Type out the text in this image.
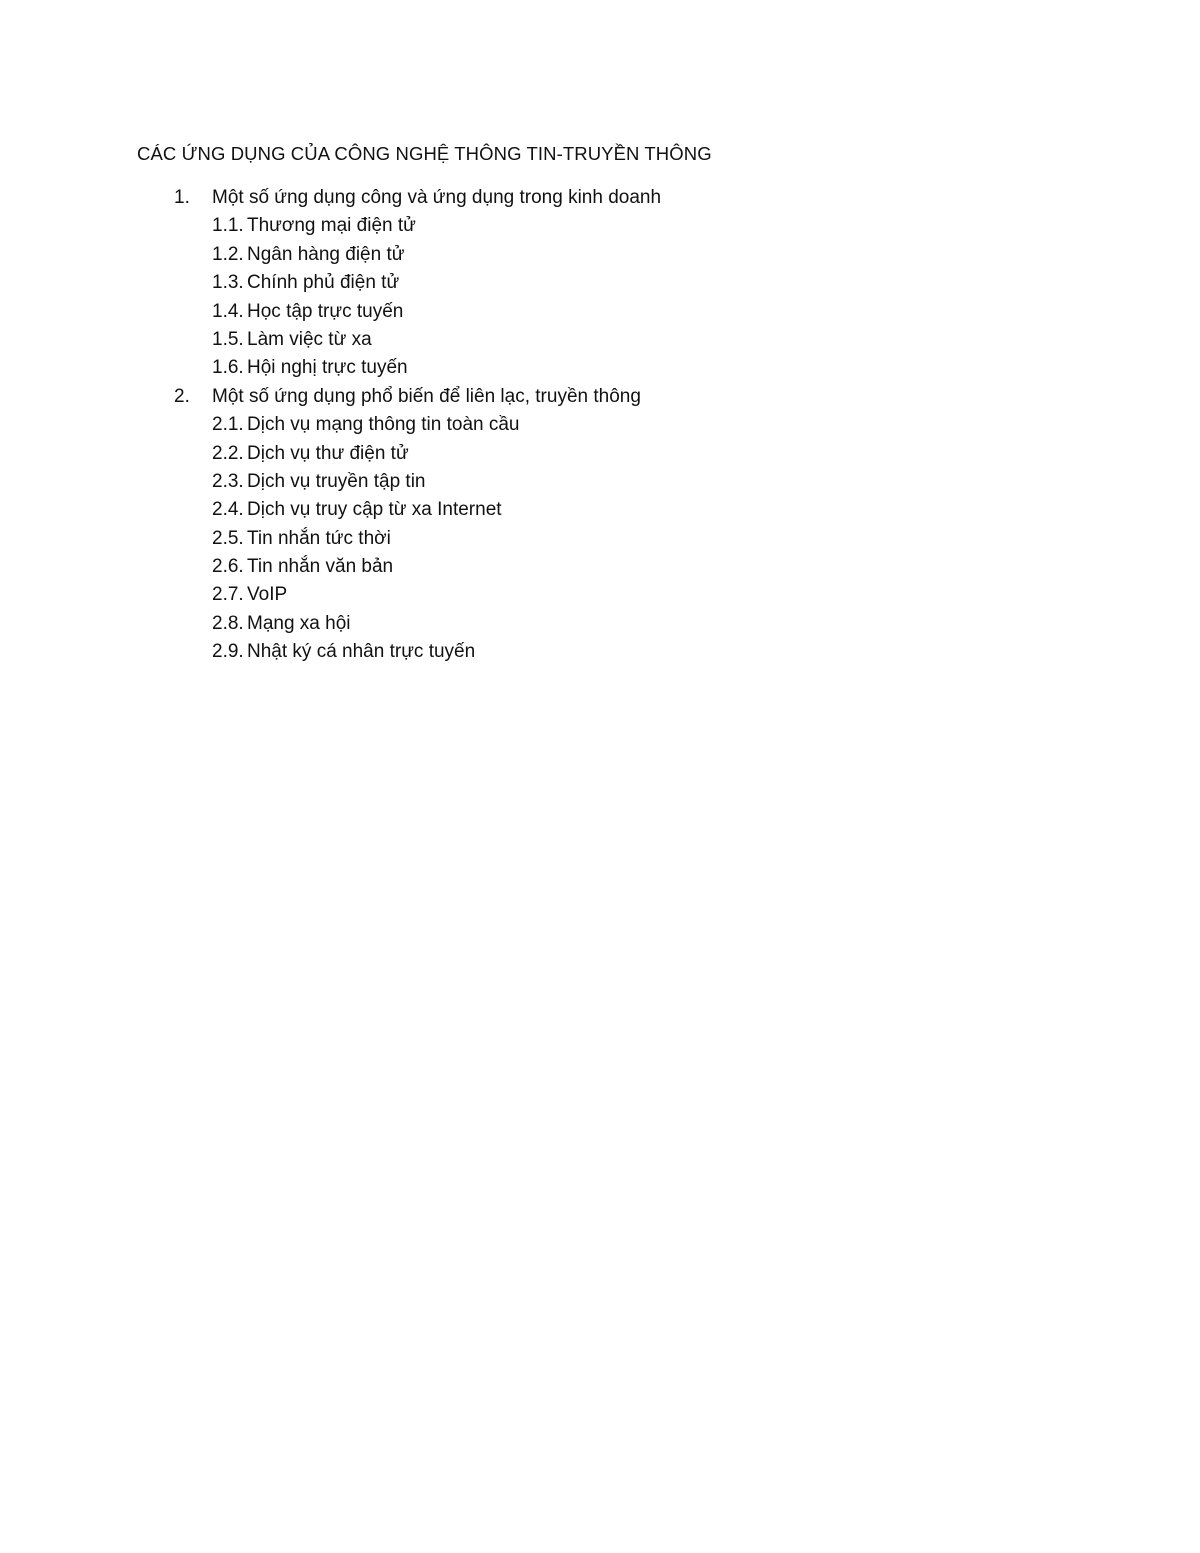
CÁC ỨNG DỤNG CỦA CÔNG NGHỆ THÔNG TIN-TRUYỀN THÔNG
1. Một số ứng dụng công và ứng dụng trong kinh doanh
1.1. Thương mại điện tử
1.2. Ngân hàng điện tử
1.3. Chính phủ điện tử
1.4. Học tập trực tuyến
1.5. Làm việc từ xa
1.6. Hội nghị trực tuyến
2. Một số ứng dụng phổ biến để liên lạc, truyền thông
2.1. Dịch vụ mạng thông tin toàn cầu
2.2. Dịch vụ thư điện tử
2.3. Dịch vụ truyền tập tin
2.4. Dịch vụ truy cập từ xa Internet
2.5. Tin nhắn tức thời
2.6. Tin nhắn văn bản
2.7. VoIP
2.8. Mạng xa hội
2.9. Nhật ký cá nhân trực tuyến
